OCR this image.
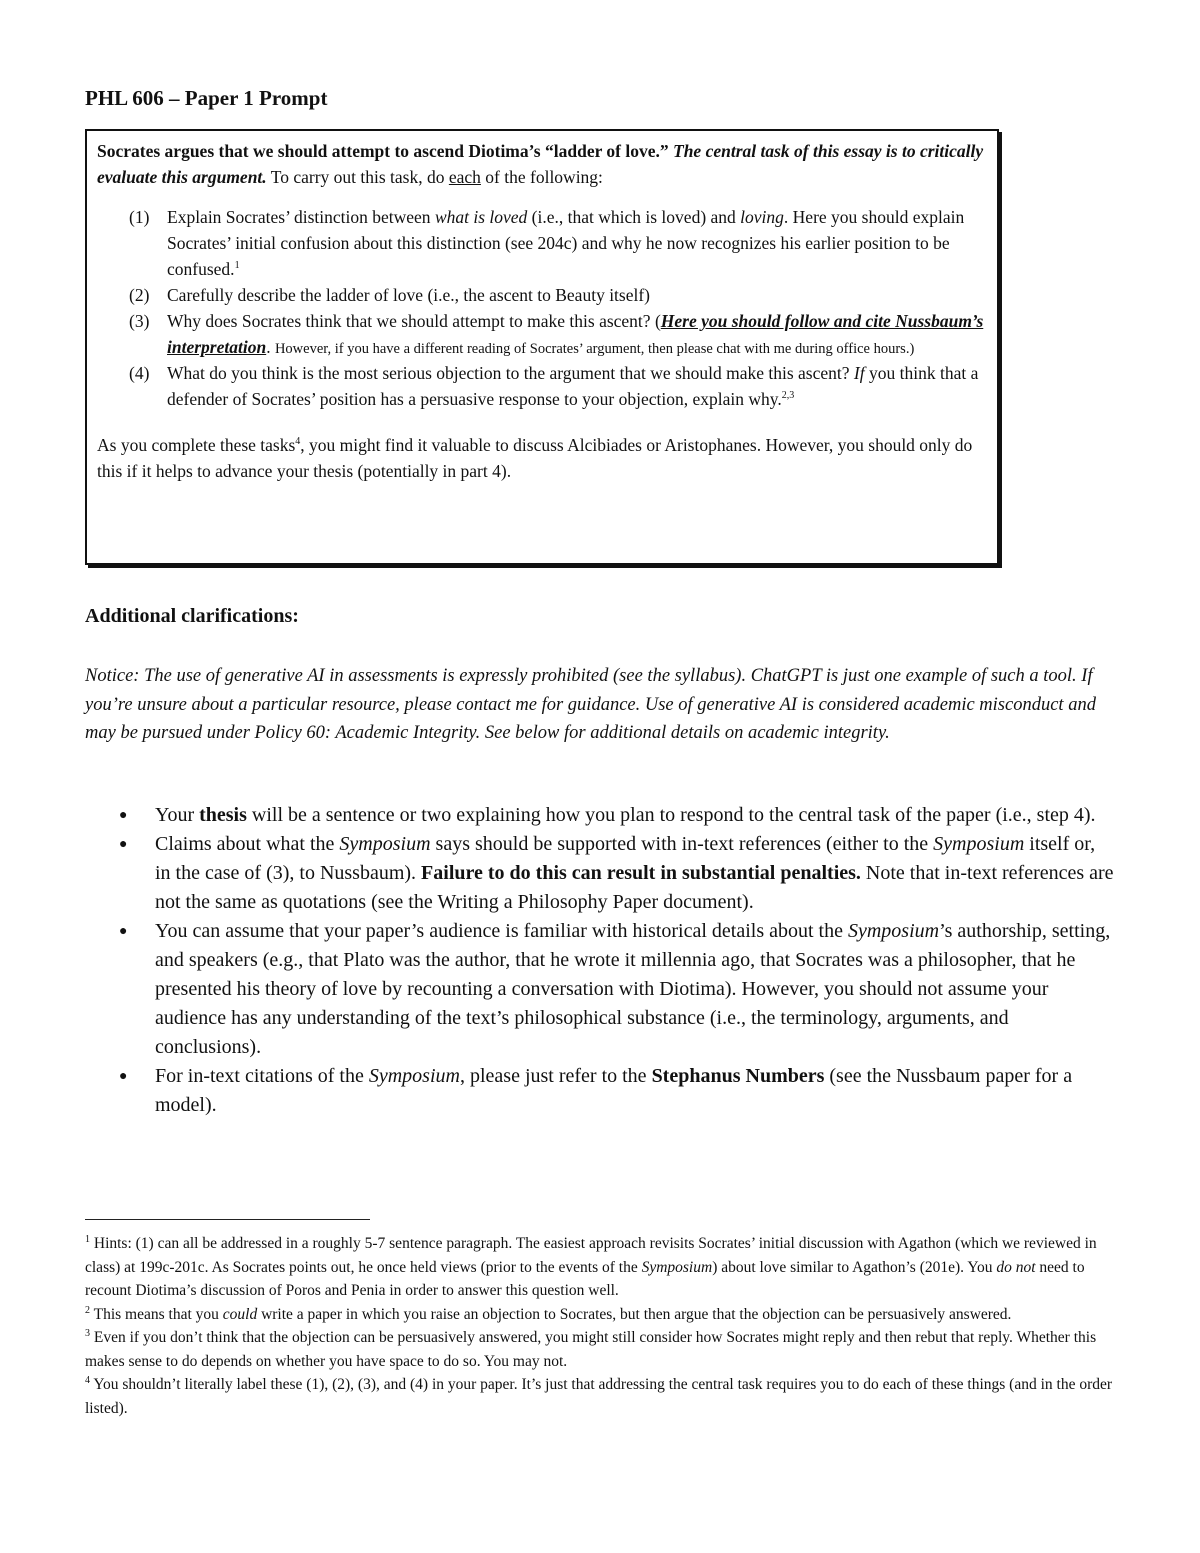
PHL 606 – Paper 1 Prompt

Socrates argues that we should attempt to ascend Diotima’s “ladder of love.” The central task of this essay is to critically evaluate this argument. To carry out this task, do each of the following:

(1) Explain Socrates’ distinction between what is loved (i.e., that which is loved) and loving. Here you should explain Socrates’ initial confusion about this distinction (see 204c) and why he now recognizes his earlier position to be confused.$^1$
(2) Carefully describe the ladder of love (i.e., the ascent to Beauty itself)
(3) Why does Socrates think that we should attempt to make this ascent? (Here you should follow and cite Nussbaum’s interpretation. However, if you have a different reading of Socrates’ argument, then please chat with me during office hours.)
(4) What do you think is the most serious objection to the argument that we should make this ascent? If you think that a defender of Socrates’ position has a persuasive response to your objection, explain why.$^{2,3}$

As you complete these tasks$^4$, you might find it valuable to discuss Alcibiades or Aristophanes. However, you should only do this if it helps to advance your thesis (potentially in part 4).

Additional clarifications:
Notice: The use of generative AI in assessments is expressly prohibited (see the syllabus). ChatGPT is just one example of such a tool. If you’re unsure about a particular resource, please contact me for guidance. Use of generative AI is considered academic misconduct and may be pursued under Policy 60: Academic Integrity. See below for additional details on academic integrity.
● Your thesis will be a sentence or two explaining how you plan to respond to the central task of the paper (i.e., step 4).
● Claims about what the Symposium says should be supported with in-text references (either to the Symposium itself or, in the case of (3), to Nussbaum). Failure to do this can result in substantial penalties. Note that in-text references are not the same as quotations (see the Writing a Philosophy Paper document).
● You can assume that your paper’s audience is familiar with historical details about the Symposium’s authorship, setting, and speakers (e.g., that Plato was the author, that he wrote it millennia ago, that Socrates was a philosopher, that he presented his theory of love by recounting a conversation with Diotima). However, you should not assume your audience has any understanding of the text’s philosophical substance (i.e., the terminology, arguments, and conclusions).
● For in-text citations of the Symposium, please just refer to the Stephanus Numbers (see the Nussbaum paper for a model).

$^1$ Hints: (1) can all be addressed in a roughly 5-7 sentence paragraph. The easiest approach revisits Socrates’ initial discussion with Agathon (which we reviewed in class) at 199c-201c. As Socrates points out, he once held views (prior to the events of the Symposium) about love similar to Agathon’s (201e). You do not need to recount Diotima’s discussion of Poros and Penia in order to answer this question well.

$^2$ This means that you could write a paper in which you raise an objection to Socrates, but then argue that the objection can be persuasively answered.

$^3$ Even if you don’t think that the objection can be persuasively answered, you might still consider how Socrates might reply and then rebut that reply. Whether this makes sense to do depends on whether you have space to do so. You may not.

$^4$ You shouldn’t literally label these (1), (2), (3), and (4) in your paper. It’s just that addressing the central task requires you to do each of these things (and in the order listed).
